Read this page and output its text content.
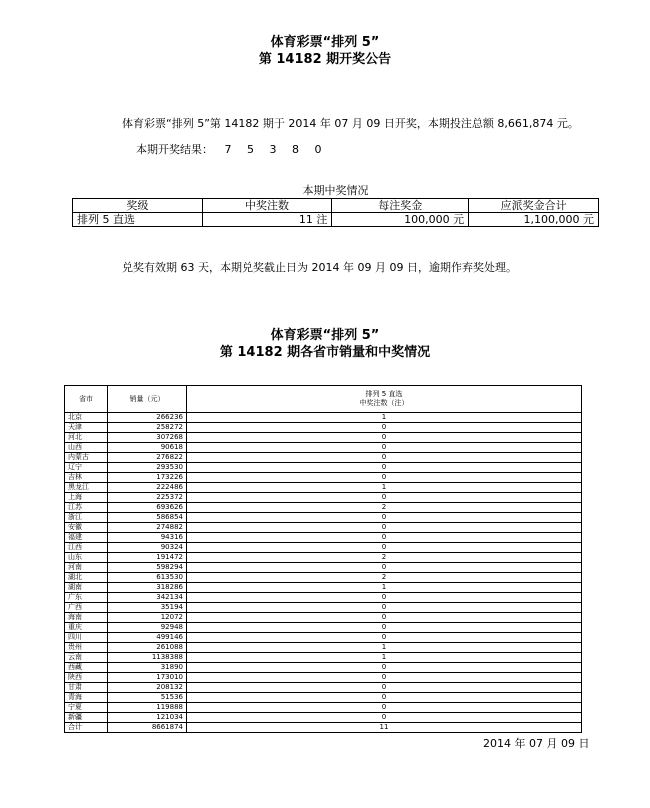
体育彩票“排列 5”
第 14182 期开奖公告
体育彩票“排列 5”第 14182 期于 2014 年 07 月 09 日开奖，本期投注总额 8,661,874 元。
本期开奖结果： 7 5 3 8 0
本期中奖情况
奖级	中奖注数	每注奖金	应派奖金合计
排列 5 直选	11 注	100,000 元	1,100,000 元
兑奖有效期 63 天，本期兑奖截止日为 2014 年 09 月 09 日，逾期作弃奖处理。
体育彩票“排列 5”
第 14182 期各省市销量和中奖情况
省市	销量（元）	排列 5 直选
中奖注数（注）

北京	266236	1
天津	258272	0
河北	307268	0
山西	90618	0
内蒙古	276822	0
辽宁	293530	0
吉林	173226	0
黑龙江	222486	1
上海	225372	0
江苏	693626	2
浙江	586854	0
安徽	274882	0
福建	94316	0
江西	90324	0
山东	191472	2
河南	598294	0
湖北	613530	2
湖南	318286	1
广东	342134	0
广西	35194	0
海南	12072	0
重庆	92948	0
四川	499146	0
贵州	261088	1
云南	1138388	1
西藏	31890	0
陕西	173010	0
甘肃	208132	0
青海	51536	0
宁夏	119888	0
新疆	121034	0
合计	8661874	11
2014 年 07 月 09 日
